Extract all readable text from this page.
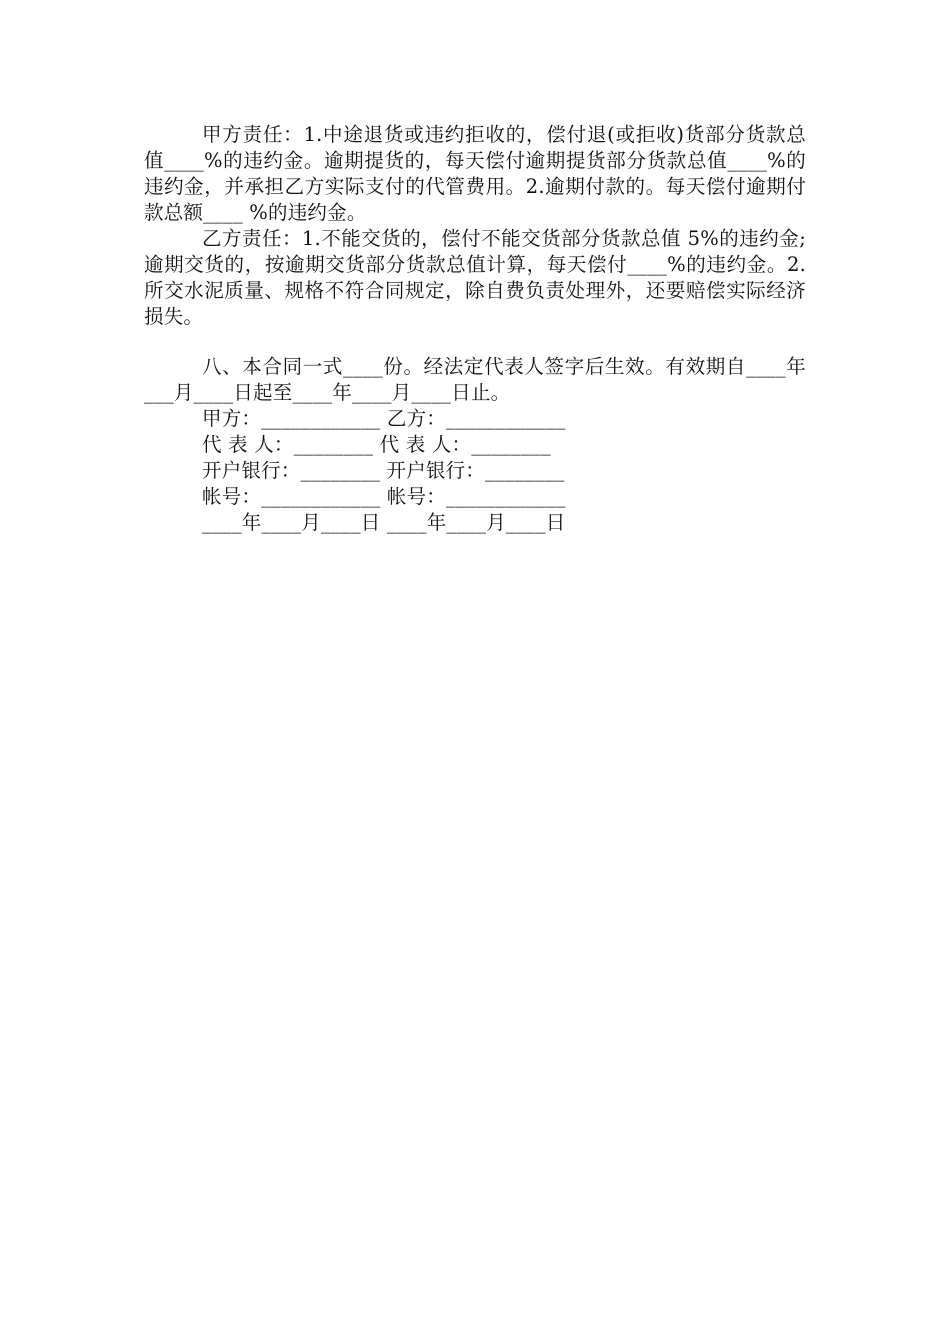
甲方责任：1.中途退货或违约拒收的，偿付退(或拒收)货部分货款总值____%的违约金。逾期提货的，每天偿付逾期提货部分货款总值____%的违约金，并承担乙方实际支付的代管费用。2.逾期付款的。每天偿付逾期付款总额____ %的违约金。

乙方责任：1.不能交货的，偿付不能交货部分货款总值 5%的违约金;逾期交货的，按逾期交货部分货款总值计算，每天偿付____%的违约金。2.所交水泥质量、规格不符合同规定，除自费负责处理外，还要赔偿实际经济损失。

八、本合同一式____份。经法定代表人签字后生效。有效期自____年___月____日起至____年____月____日止。

甲方：____________ 乙方：____________

代 表 人：________ 代 表 人：________

开户银行：________ 开户银行：________

帐号：____________ 帐号：____________

____年____月____日 ____年____月____日
